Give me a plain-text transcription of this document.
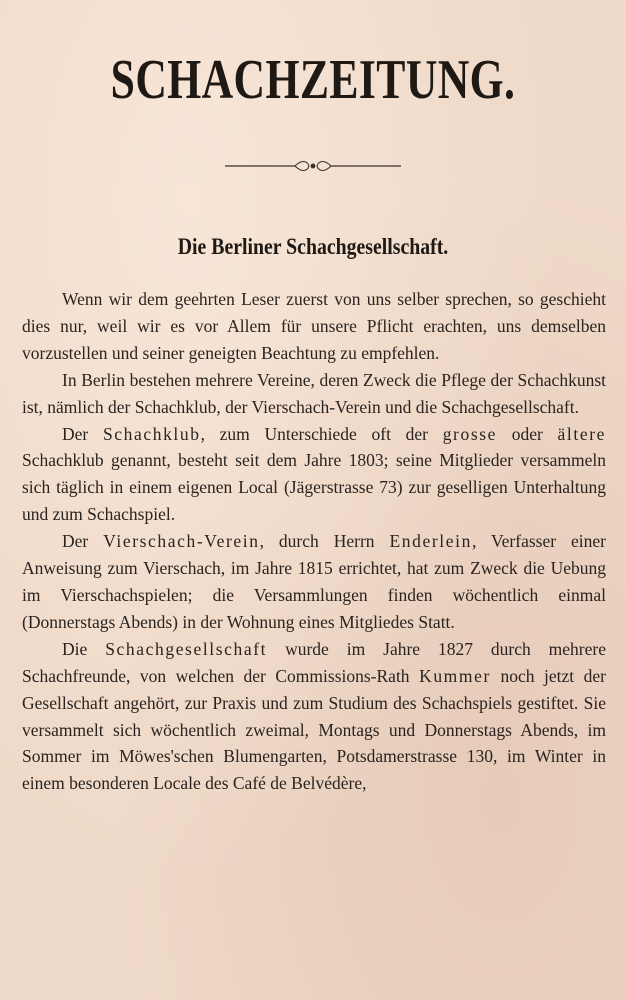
SCHACHZEITUNG.
Die Berliner Schachgesellschaft.

Wenn wir dem geehrten Leser zuerst von uns selber sprechen, so geschieht dies nur, weil wir es vor Allem für unsere Pflicht erachten, uns demselben vorzustellen und seiner geneigten Beachtung zu empfehlen.

In Berlin bestehen mehrere Vereine, deren Zweck die Pflege der Schachkunst ist, nämlich der Schachklub, der Vierschach-Verein und die Schachgesellschaft.

Der Schachklub, zum Unterschiede oft der grosse oder ältere Schachklub genannt, besteht seit dem Jahre 1803; seine Mitglieder versammeln sich täglich in einem eigenen Local (Jägerstrasse 73) zur geselligen Unterhaltung und zum Schachspiel.

Der Vierschach-Verein, durch Herrn Enderlein, Verfasser einer Anweisung zum Vierschach, im Jahre 1815 errichtet, hat zum Zweck die Uebung im Vierschachspielen; die Versammlungen finden wöchentlich einmal (Donnerstags Abends) in der Wohnung eines Mitgliedes Statt.

Die Schachgesellschaft wurde im Jahre 1827 durch mehrere Schachfreunde, von welchen der Commissions-Rath Kummer noch jetzt der Gesellschaft angehört, zur Praxis und zum Studium des Schachspiels gestiftet. Sie versammelt sich wöchentlich zweimal, Montags und Donnerstags Abends, im Sommer im Möwes'schen Blumengarten, Potsdamerstrasse 130, im Winter in einem besonderen Locale des Café de Belvédère,
